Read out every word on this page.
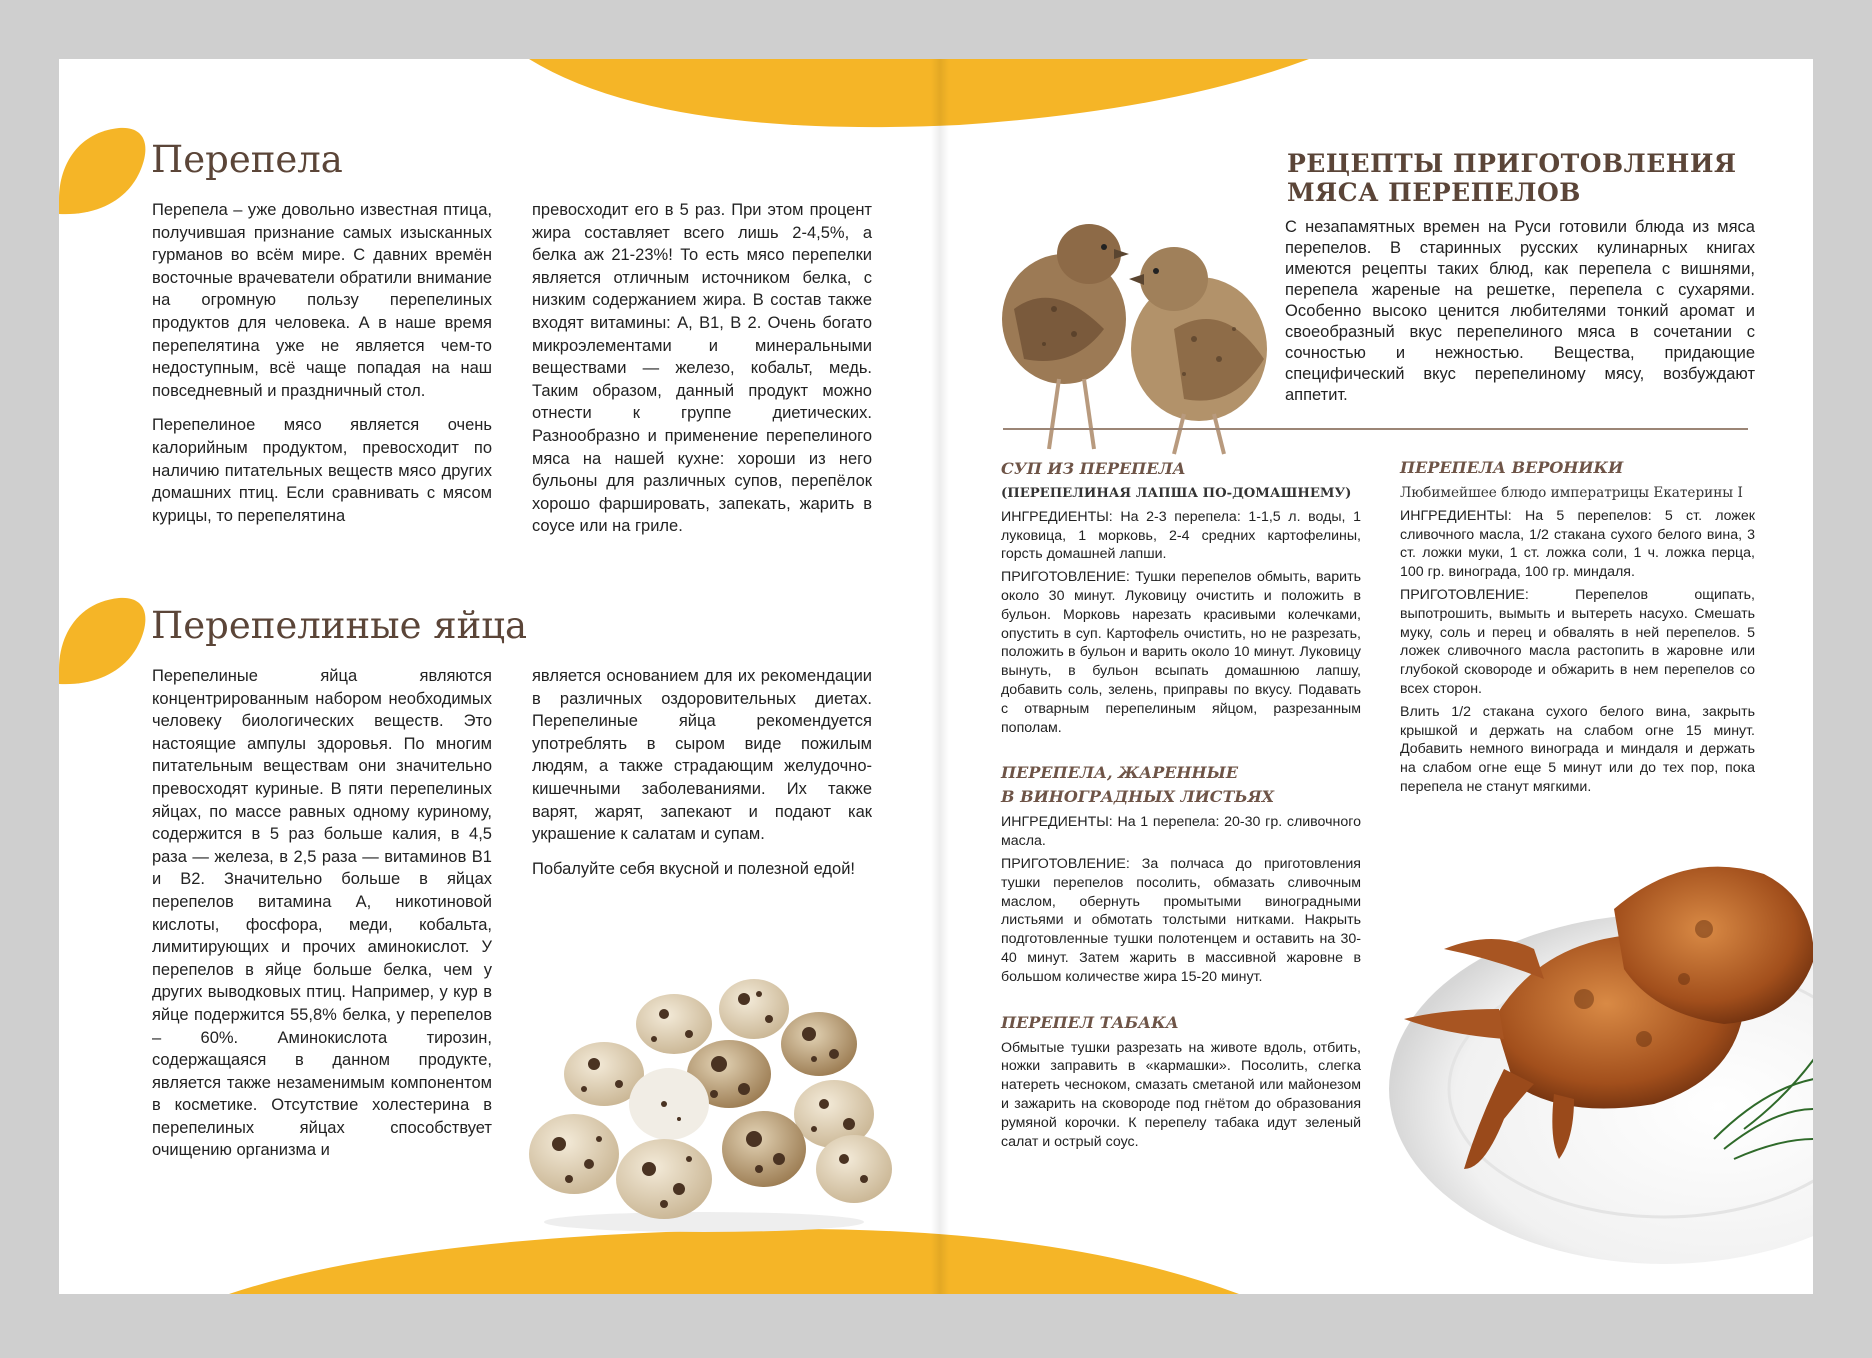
Перепела

Перепела – уже довольно известная птица, получившая признание самых изысканных гурманов во всём мире. С давних времён восточные врачеватели обратили внимание на огромную пользу перепелиных продуктов для человека. А в наше время перепелятина уже не является чем-то недоступным, всё чаще попадая на наш повседневный и праздничный стол.

Перепелиное мясо является очень калорийным продуктом, превосходит по наличию питательных веществ мясо других домашних птиц. Если сравнивать с мясом курицы, то перепелятина

превосходит его в 5 раз. При этом процент жира составляет всего лишь 2-4,5%, а белка аж 21-23%! То есть мясо перепелки является отличным источником белка, с низким содержанием жира. В состав также входят витамины: А, В1, В 2. Очень богато микроэлементами и минеральными веществами — железо, кобальт, медь. Таким образом, данный продукт можно отнести к группе диетических. Разнообразно и применение перепелиного мяса на нашей кухне: хороши из него бульоны для различных супов, перепёлок хорошо фаршировать, запекать, жарить в соусе или на гриле.

Перепелиные яйца

Перепелиные яйца являются концентрированным набором необходимых человеку биологических веществ. Это настоящие ампулы здоровья. По многим питательным веществам они значительно превосходят куриные. В пяти перепелиных яйцах, по массе равных одному куриному, содержится в 5 раз больше калия, в 4,5 раза — железа, в 2,5 раза — витаминов В1 и В2. Значительно больше в яйцах перепелов витамина А, никотиновой кислоты, фосфора, меди, кобальта, лимитирующих и прочих аминокислот. У перепелов в яйце больше белка, чем у других выводковых птиц. Например, у кур в яйце подержится 55,8% белка, у перепелов – 60%. Аминокислота тирозин, содержащаяся в данном продукте, является также незаменимым компонентом в косметике. Отсутствие холестерина в перепелиных яйцах способствует очищению организма и

является основанием для их рекомендации в различных оздоровительных диетах. Перепелиные яйца рекомендуется употреблять в сыром виде пожилым людям, а также страдающим желудочно-кишечными заболеваниями. Их также варят, жарят, запекают и подают как украшение к салатам и супам.

Побалуйте себя вкусной и полезной едой!

РЕЦЕПТЫ ПРИГОТОВЛЕНИЯ
МЯСА ПЕРЕПЕЛОВ

С незапамятных времен на Руси готовили блюда из мяса перепелов. В старинных русских кулинарных книгах имеются рецепты таких блюд, как перепела с вишнями, перепела жареные на решетке, перепела с сухарями. Особенно высоко ценится любителями тонкий аромат и своеобразный вкус перепелиного мяса в сочетании с сочностью и нежностью. Вещества, придающие специфический вкус перепелиному мясу, возбуждают аппетит.

СУП ИЗ ПЕРЕПЕЛА

(ПЕРЕПЕЛИНАЯ ЛАПША ПО-ДОМАШНЕМУ)

ИНГРЕДИЕНТЫ: На 2-3 перепела: 1-1,5 л. воды, 1 луковица, 1 морковь, 2-4 средних картофелины, горсть домашней лапши.

ПРИГОТОВЛЕНИЕ: Тушки перепелов обмыть, варить около 30 минут. Луковицу очистить и положить в бульон. Морковь нарезать красивыми колечками, опустить в суп. Картофель очистить, но не разрезать, положить в бульон и варить около 10 минут. Луковицу вынуть, в бульон всыпать домашнюю лапшу, добавить соль, зелень, приправы по вкусу. Подавать с отварным перепелиным яйцом, разрезанным пополам.

ПЕРЕПЕЛА, ЖАРЕННЫЕ
В ВИНОГРАДНЫХ ЛИСТЬЯХ

ИНГРЕДИЕНТЫ: На 1 перепела: 20-30 гр. сливочного масла.

ПРИГОТОВЛЕНИЕ: За полчаса до приготовления тушки перепелов посолить, обмазать сливочным маслом, обернуть промытыми виноградными листьями и обмотать толстыми нитками. Накрыть подготовленные тушки полотенцем и оставить на 30-40 минут. Затем жарить в массивной жаровне в большом количестве жира 15-20 минут.

ПЕРЕПЕЛ ТАБАКА

Обмытые тушки разрезать на животе вдоль, отбить, ножки заправить в «кармашки». Посолить, слегка натереть чесноком, смазать сметаной или майонезом и зажарить на сковороде под гнётом до образования румяной корочки. К перепелу табака идут зеленый салат и острый соус.

ПЕРЕПЕЛА ВЕРОНИКИ

Любимейшее блюдо императрицы Екатерины I

ИНГРЕДИЕНТЫ: На 5 перепелов: 5 ст. ложек сливочного масла, 1/2 стакана сухого белого вина, 3 ст. ложки муки, 1 ст. ложка соли, 1 ч. ложка перца, 100 гр. винограда, 100 гр. миндаля.

ПРИГОТОВЛЕНИЕ: Перепелов ощипать, выпотрошить, вымыть и вытереть насухо. Смешать муку, соль и перец и обвалять в ней перепелов. 5 ложек сливочного масла растопить в жаровне или глубокой сковороде и обжарить в нем перепелов со всех сторон.

Влить 1/2 стакана сухого белого вина, закрыть крышкой и держать на слабом огне 15 минут. Добавить немного винограда и миндаля и держать на слабом огне еще 5 минут или до тех пор, пока перепела не станут мягкими.
